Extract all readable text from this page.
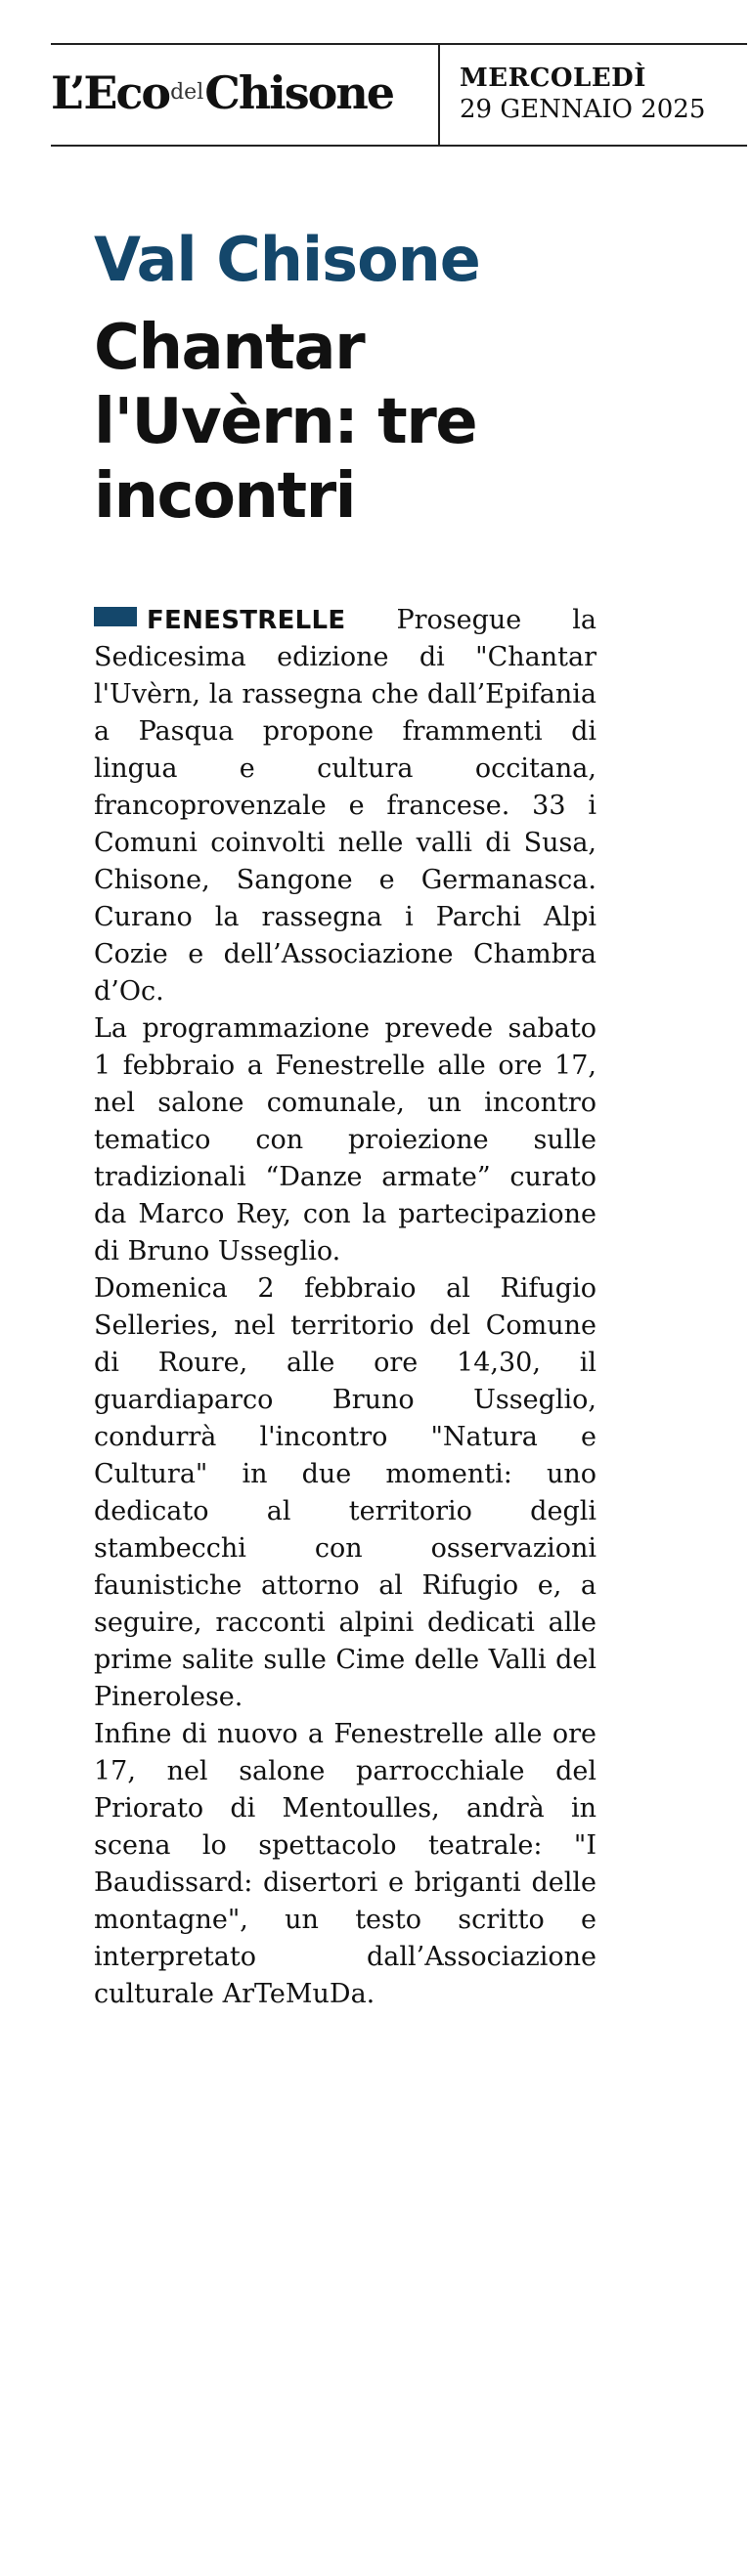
L’Eco$^{del}$Chisone	MERCOLEDÌ
29 GENNAIO 2025
Val Chisone
Chantar l'Uvèrn: tre incontri

FENESTRELLE Prosegue la Sedicesima edizione di "Chantar l'Uvèrn, la rassegna che dall’Epifania a Pasqua propone frammenti di lingua e cultura occitana, francoprovenzale e francese. 33 i Comuni coinvolti nelle valli di Susa, Chisone, Sangone e Germanasca. Curano la rassegna i Parchi Alpi Cozie e dell’Associazione Chambra d’Oc.

La programmazione prevede sabato 1 febbraio a Fenestrelle alle ore 17, nel salone comunale, un incontro tematico con proiezione sulle tradizionali “Danze armate” curato da Marco Rey, con la partecipazione di Bruno Usseglio.

Domenica 2 febbraio al Rifugio Selleries, nel territorio del Comune di Roure, alle ore 14,30, il guardiaparco Bruno Usseglio, condurrà l'incontro "Natura e Cultura" in due momenti: uno dedicato al territorio degli stambecchi con osservazioni faunistiche attorno al Rifugio e, a seguire, racconti alpini dedicati alle prime salite sulle Cime delle Valli del Pinerolese.

Infine di nuovo a Fenestrelle alle ore 17, nel salone parrocchiale del Priorato di Mentoulles, andrà in scena lo spettacolo teatrale: "I Baudissard: disertori e briganti delle montagne", un testo scritto e interpretato dall’Associazione culturale ArTeMuDa.
